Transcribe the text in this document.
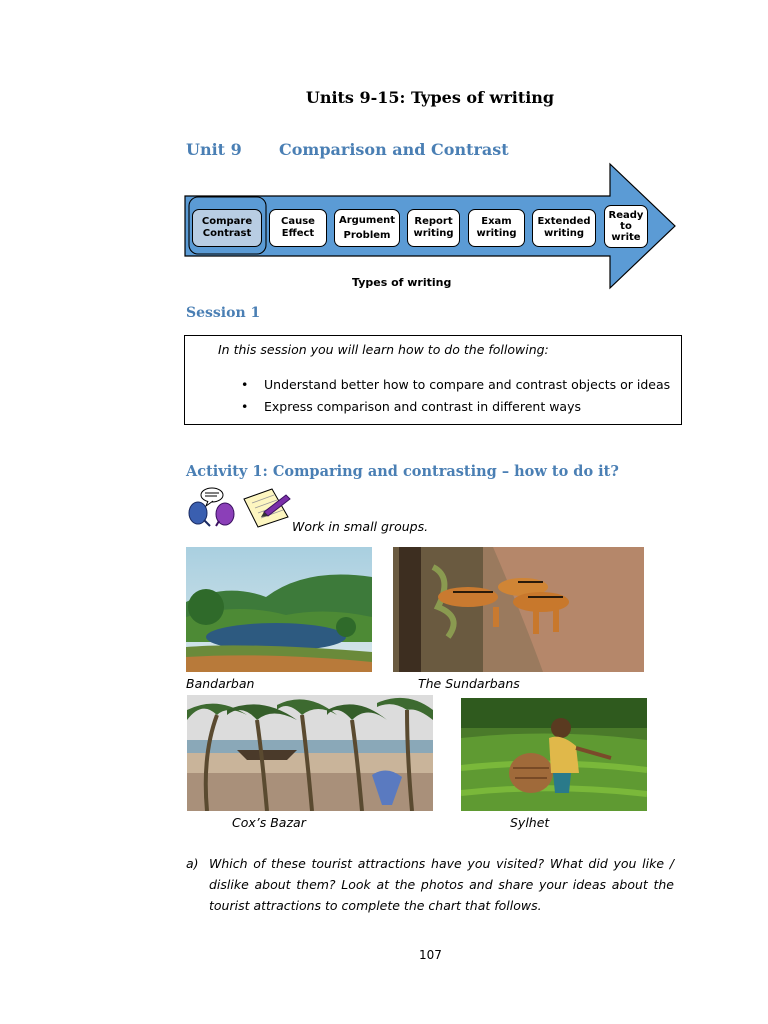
Units 9-15: Types of writing
Unit 9 Comparison and Contrast
Compare
Contrast
Cause
Effect
Argument
Problem
Report
writing
Exam
writing
Extended
writing
Ready
to
write
Types of writing
Session 1
In this session you will learn how to do the following:
• Understand better how to compare and contrast objects or ideas
• Express comparison and contrast in different ways
Activity 1: Comparing and contrasting – how to do it?
Work in small groups.
Bandarban	The Sundarbans
Cox’s Bazar	Sylhet
a) Which of these tourist attractions have you visited? What did you like / dislike about them? Look at the photos and share your ideas about the tourist attractions to complete the chart that follows.
107
